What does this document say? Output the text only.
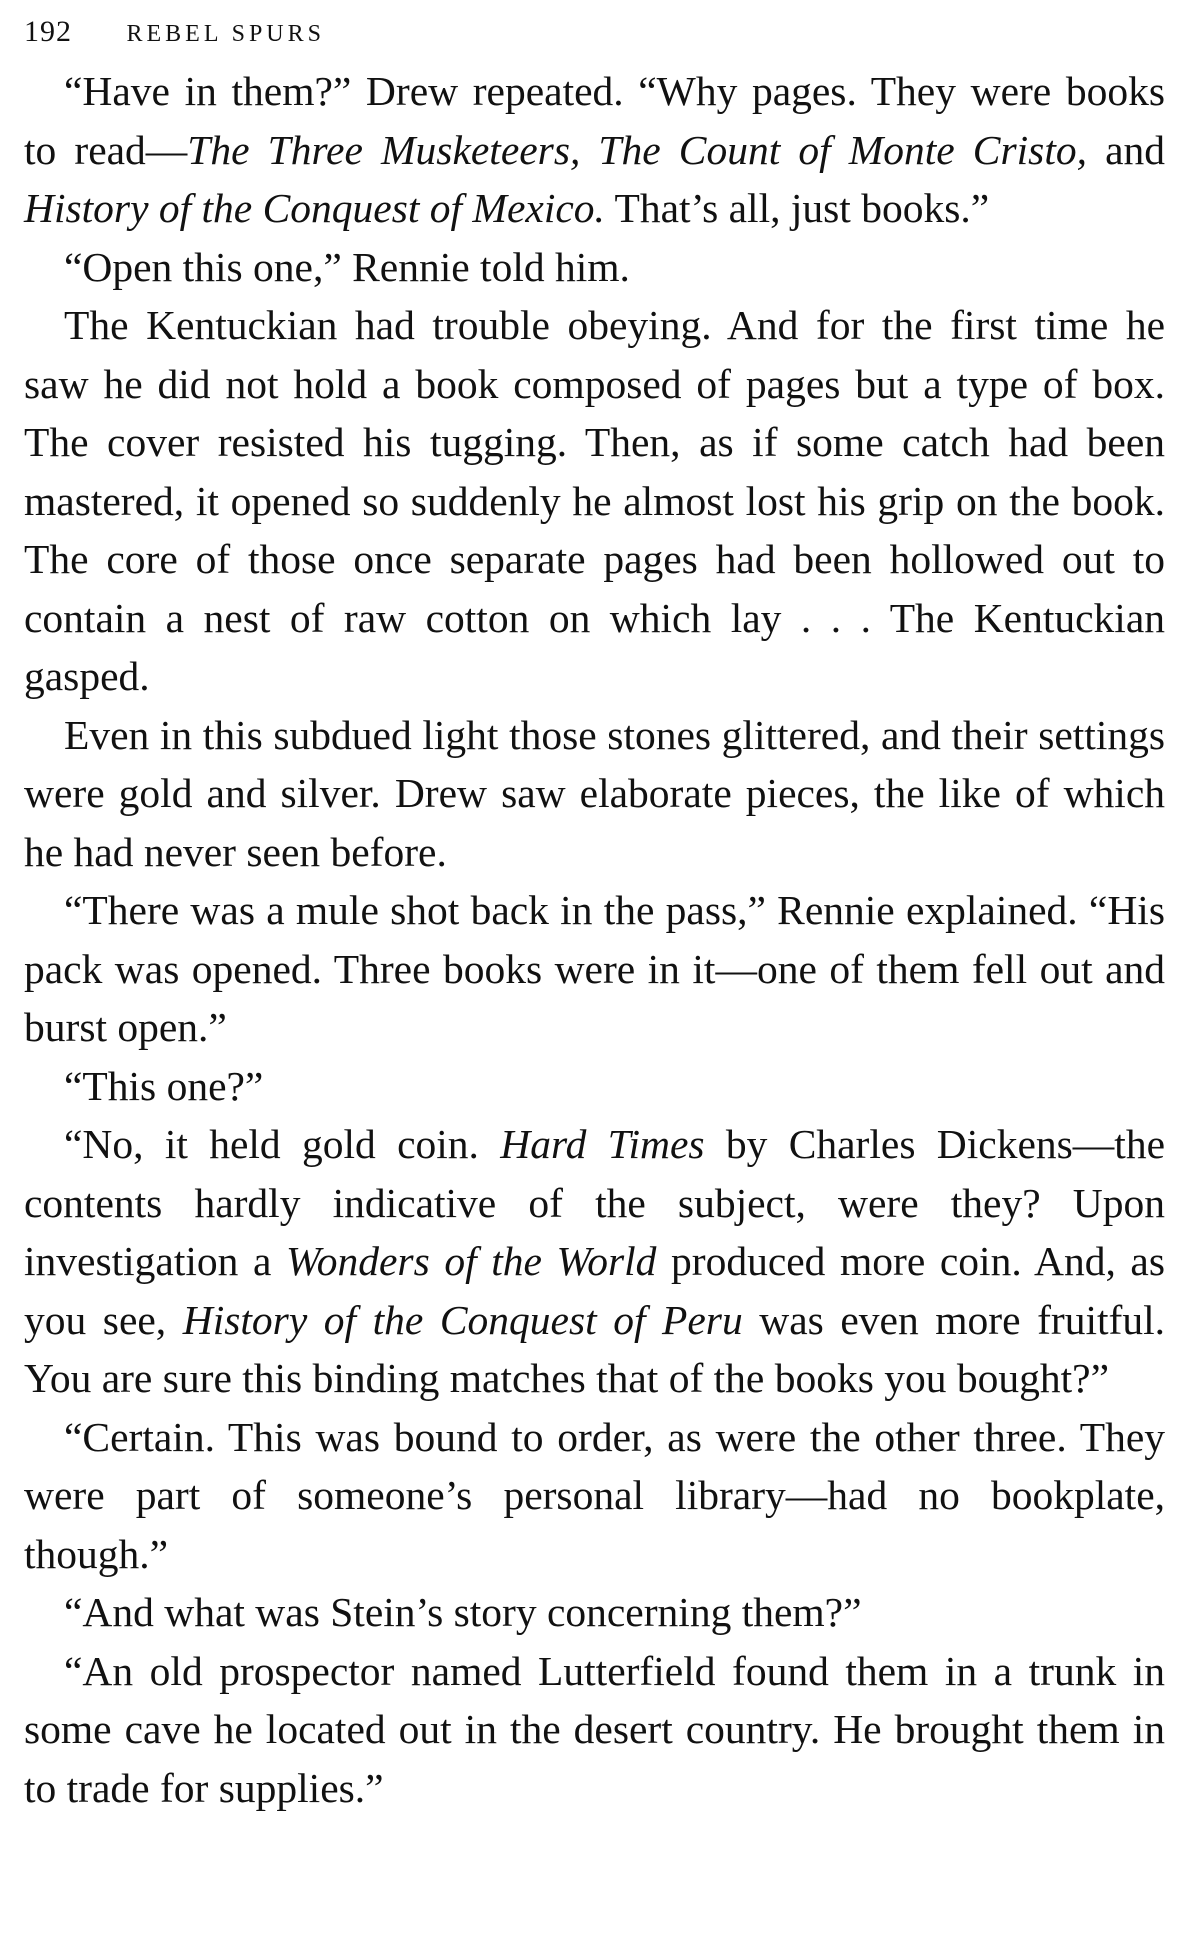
192 REBEL SPURS

“Have in them?” Drew repeated. “Why pages. They were books to read—The Three Musketeers, The Count of Monte Cristo, and History of the Conquest of Mexico. That’s all, just books.”

“Open this one,” Rennie told him.

The Kentuckian had trouble obeying. And for the first time he saw he did not hold a book composed of pages but a type of box. The cover resisted his tugging. Then, as if some catch had been mastered, it opened so suddenly he almost lost his grip on the book. The core of those once separate pages had been hollowed out to contain a nest of raw cotton on which lay . . . The Kentuckian gasped.

Even in this subdued light those stones glittered, and their settings were gold and silver. Drew saw elaborate pieces, the like of which he had never seen before.

“There was a mule shot back in the pass,” Rennie explained. “His pack was opened. Three books were in it—one of them fell out and burst open.”

“This one?”

“No, it held gold coin. Hard Times by Charles Dickens—the contents hardly indicative of the subject, were they? Upon investigation a Wonders of the World produced more coin. And, as you see, History of the Conquest of Peru was even more fruitful. You are sure this binding matches that of the books you bought?”

“Certain. This was bound to order, as were the other three. They were part of someone’s personal library—had no bookplate, though.”

“And what was Stein’s story concerning them?”

“An old prospector named Lutterfield found them in a trunk in some cave he located out in the desert country. He brought them in to trade for supplies.”
